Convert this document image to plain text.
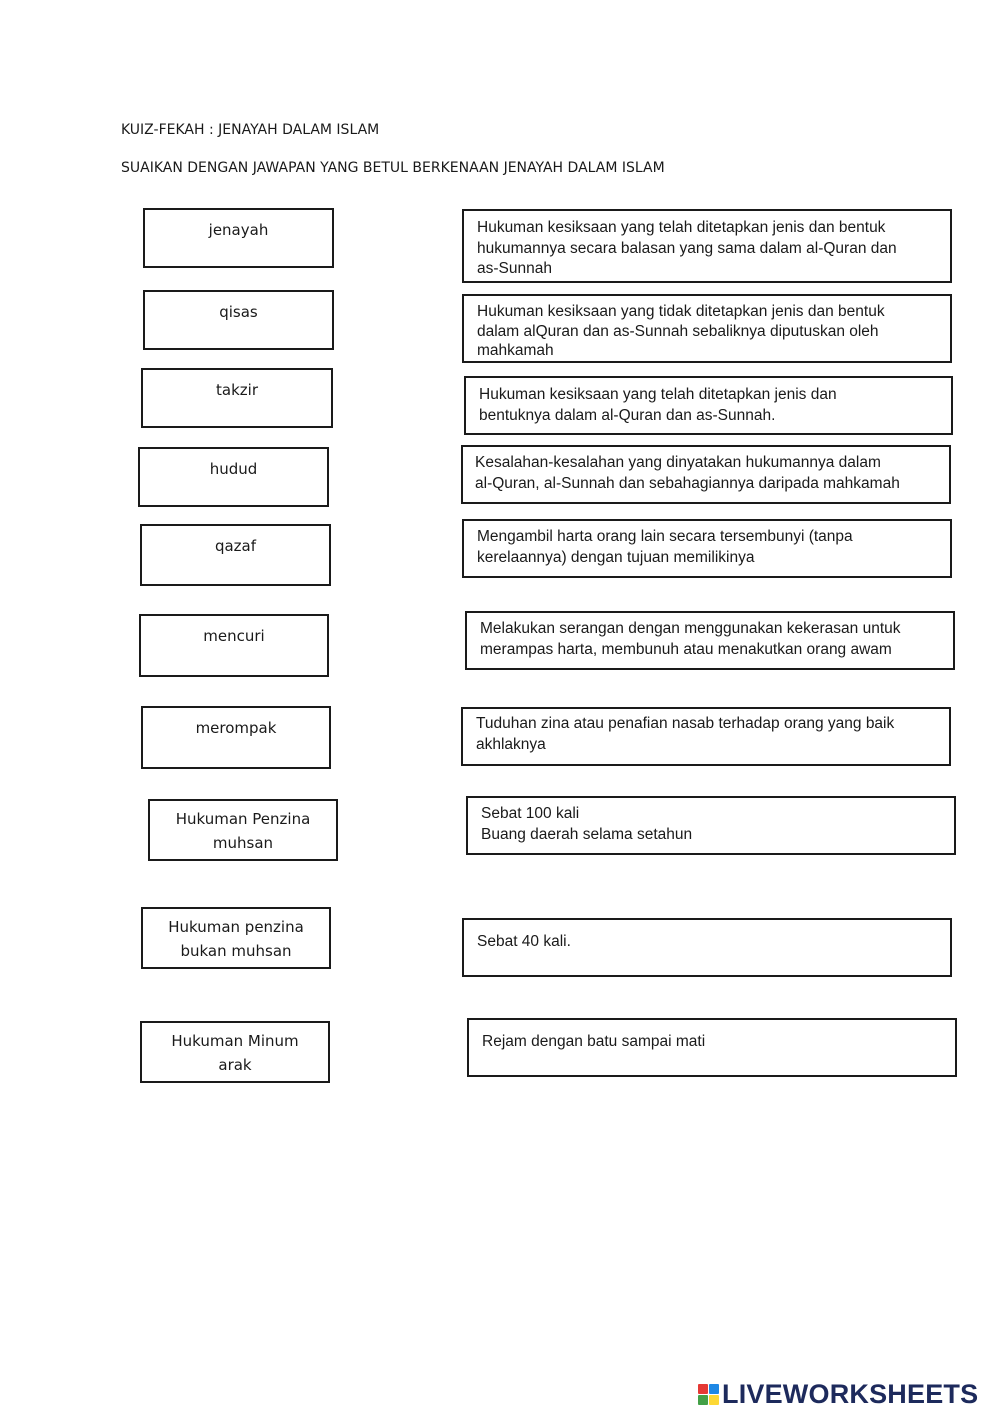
KUIZ-FEKAH : JENAYAH DALAM ISLAM
SUAIKAN DENGAN JAWAPAN YANG BETUL BERKENAAN JENAYAH DALAM ISLAM
jenayah
qisas
takzir
hudud
qazaf
mencuri
merompak
Hukuman Penzina
muhsan
Hukuman penzina
bukan muhsan
Hukuman Minum
arak
Hukuman kesiksaan yang telah ditetapkan jenis dan bentuk
hukumannya secara balasan yang sama dalam al-Quran dan
as-Sunnah
Hukuman kesiksaan yang tidak ditetapkan jenis dan bentuk
dalam alQuran dan as-Sunnah sebaliknya diputuskan oleh
mahkamah
Hukuman kesiksaan yang telah ditetapkan jenis dan
bentuknya dalam al-Quran dan as-Sunnah.
Kesalahan-kesalahan yang dinyatakan hukumannya dalam
al-Quran, al-Sunnah dan sebahagiannya daripada mahkamah
Mengambil harta orang lain secara tersembunyi (tanpa
kerelaannya) dengan tujuan memilikinya
Melakukan serangan dengan menggunakan kekerasan untuk
merampas harta, membunuh atau menakutkan orang awam
Tuduhan zina atau penafian nasab terhadap orang yang baik
akhlaknya
Sebat 100 kali
Buang daerah selama setahun
Sebat 40 kali.
Rejam dengan batu sampai mati
LIVEWORKSHEETS
